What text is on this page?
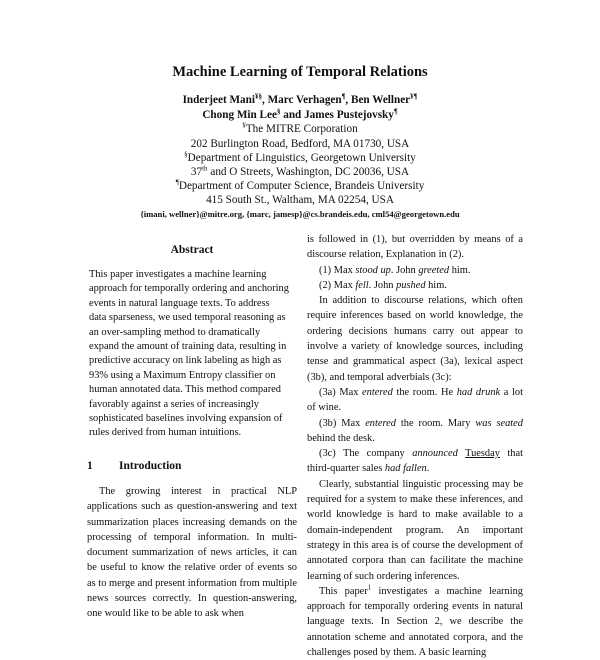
Machine Learning of Temporal Relations
Inderjeet Mani¥§, Marc Verhagen¶, Ben Wellner¥¶
Chong Min Lee§ and James Pustejovsky¶
¥The MITRE Corporation
202 Burlington Road, Bedford, MA 01730, USA
§Department of Linguistics, Georgetown University
37th and O Streets, Washington, DC 20036, USA
¶Department of Computer Science, Brandeis University
415 South St., Waltham, MA 02254, USA
{imani, wellner}@mitre.org, {marc, jamesp}@cs.brandeis.edu, cml54@georgetown.edu
Abstract
This paper investigates a machine learning approach for temporally ordering and anchoring events in natural language texts. To address data sparseness, we used temporal reasoning as an over-sampling method to dramatically expand the amount of training data, resulting in predictive accuracy on link labeling as high as 93% using a Maximum Entropy classifier on human annotated data. This method compared favorably against a series of increasingly sophisticated baselines involving expansion of rules derived from human intuitions.
1 Introduction
The growing interest in practical NLP applications such as question-answering and text summarization places increasing demands on the processing of temporal information. In multi-document summarization of news articles, it can be useful to know the relative order of events so as to merge and present information from multiple news sources correctly. In question-answering, one would like to be able to ask when

is followed in (1), but overridden by means of a discourse relation, Explanation in (2).

(1) Max stood up. John greeted him.

(2) Max fell. John pushed him.

In addition to discourse relations, which often require inferences based on world knowledge, the ordering decisions humans carry out appear to involve a variety of knowledge sources, including tense and grammatical aspect (3a), lexical aspect (3b), and temporal adverbials (3c):

(3a) Max entered the room. He had drunk a lot of wine.

(3b) Max entered the room. Mary was seated behind the desk.

(3c) The company announced Tuesday that third-quarter sales had fallen.

Clearly, substantial linguistic processing may be required for a system to make these inferences, and world knowledge is hard to make available to a domain-independent program. An important strategy in this area is of course the development of annotated corpora than can facilitate the machine learning of such ordering inferences.

This paper$^1$ investigates a machine learning approach for temporally ordering events in natural language texts. In Section 2, we describe the annotation scheme and annotated corpora, and the challenges posed by them. A basic learning
